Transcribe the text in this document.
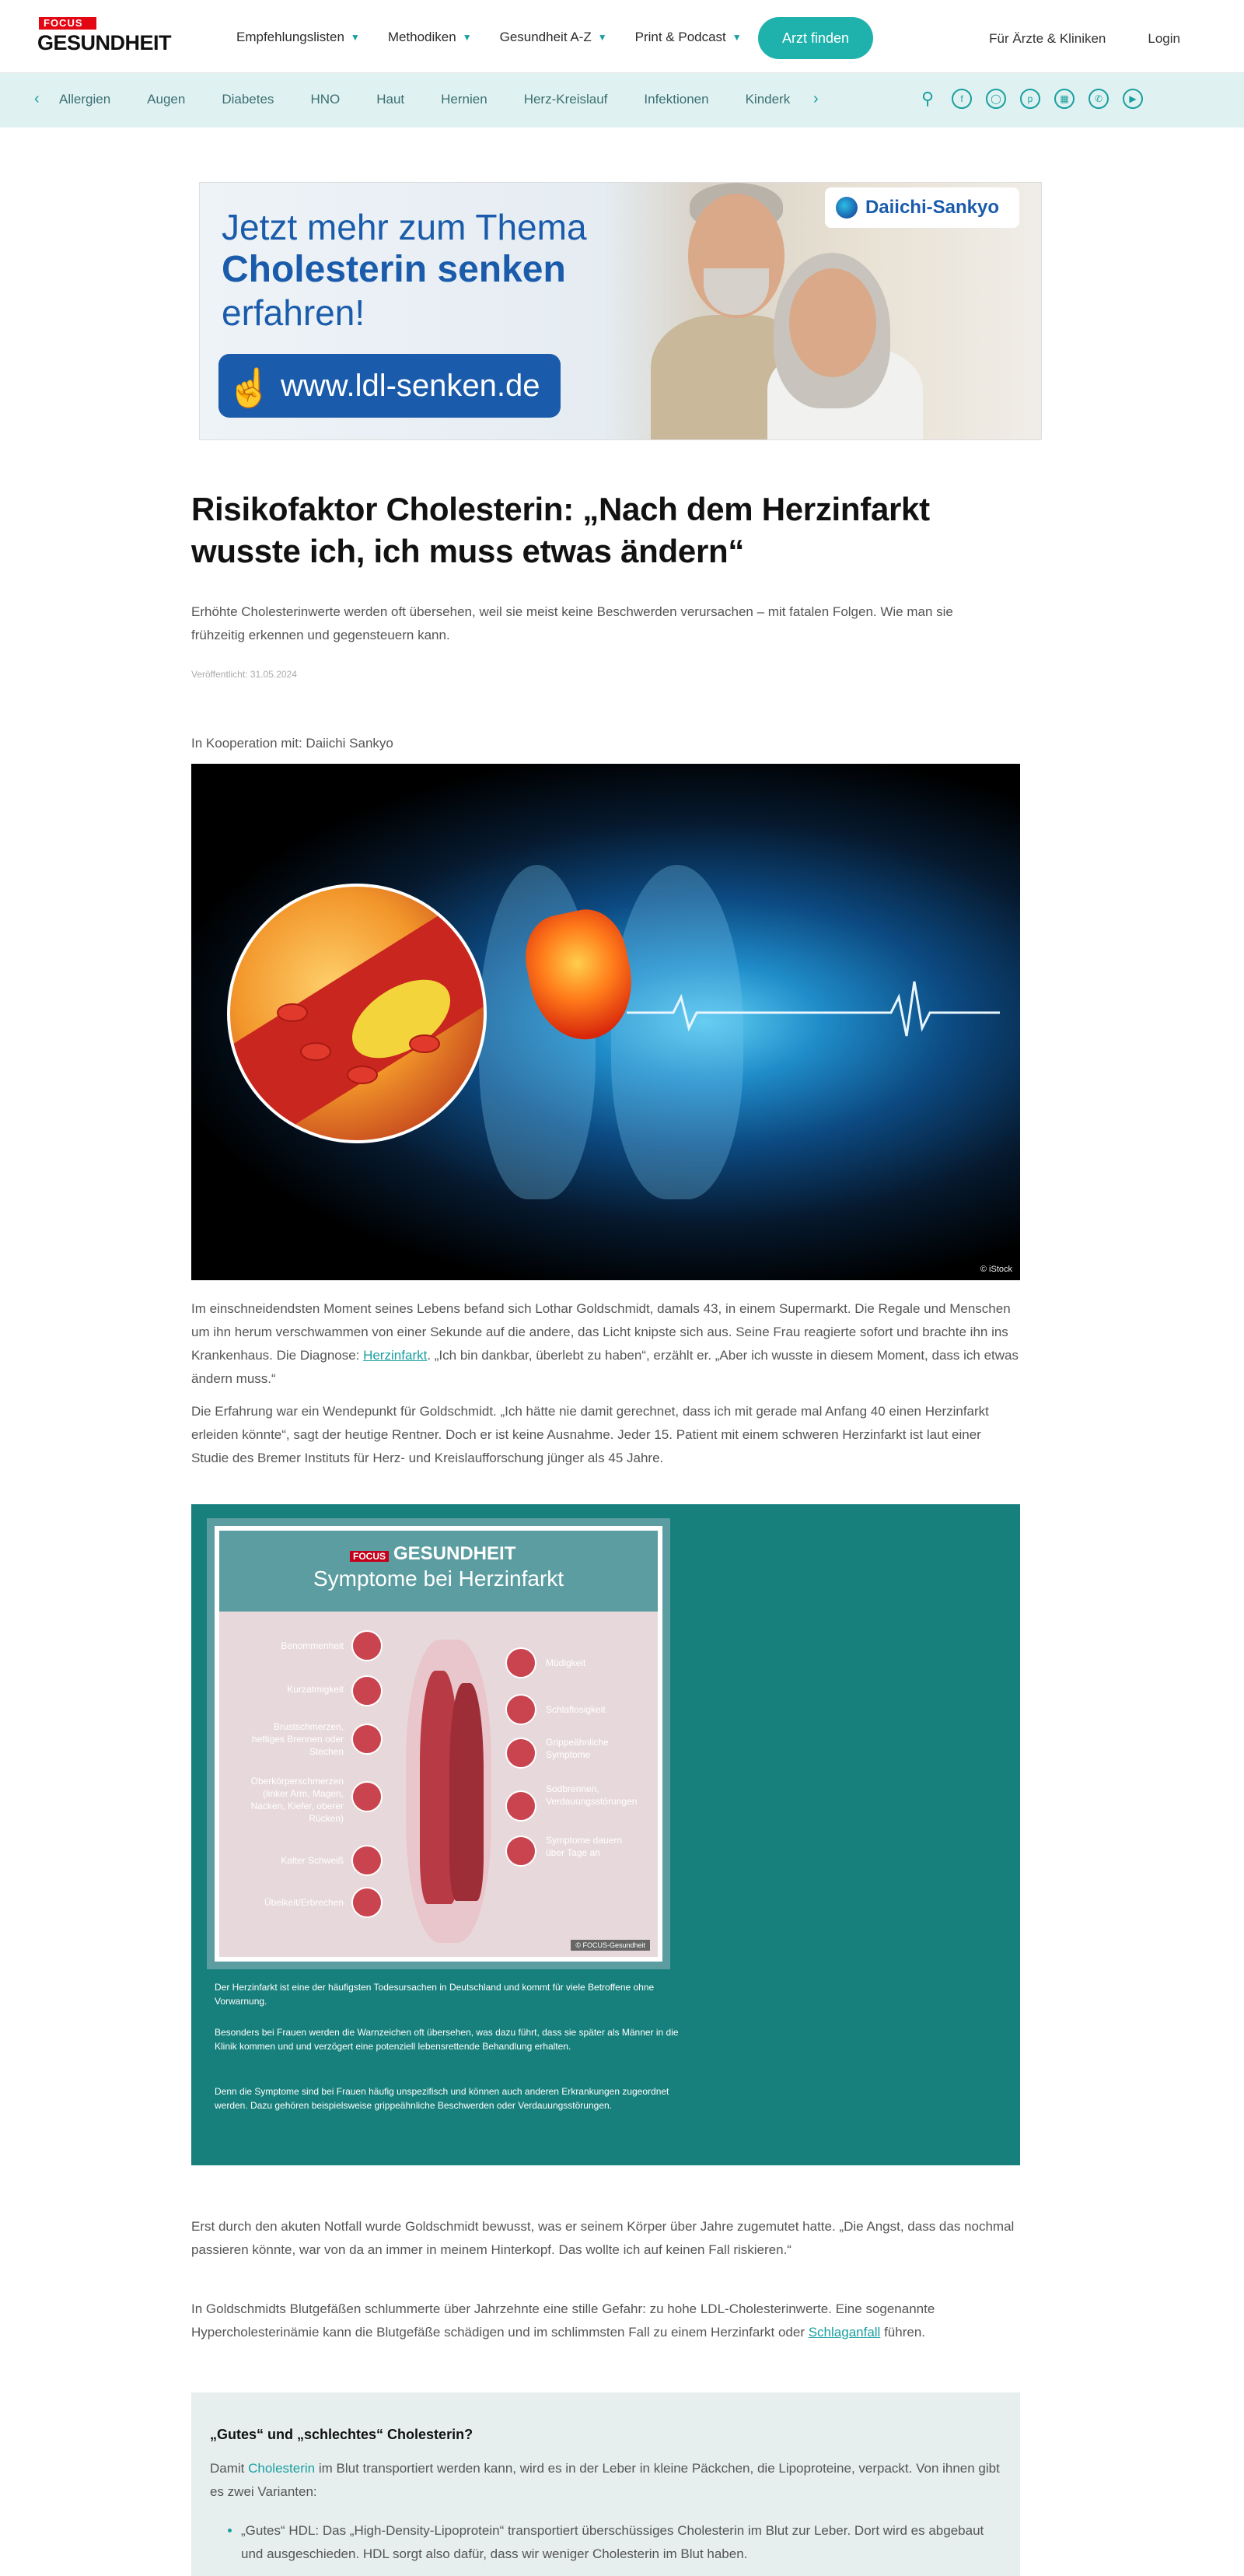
FOCUS
GESUNDHEIT	Empfehlungslisten ▼ Methodiken ▼ Gesundheit A-Z ▼ Print & Podcast ▼	Arzt finden	Für Ärzte & Kliniken	Login
‹ Allergien	Augen	Diabetes	HNO	Haut	Hernien	Herz-Kreislauf	Infektionen	Kinderk ›	⚲	f	◯	p	▦	✆	▶
Jetzt mehr zum Thema
Cholesterin senken
erfahren!
www.ldl-senken.de
☝
Daiichi-Sankyo
Risikofaktor Cholesterin: „Nach dem Herzinfarkt wusste ich, ich muss etwas ändern“
Erhöhte Cholesterinwerte werden oft übersehen, weil sie meist keine Beschwerden verursachen – mit fatalen Folgen. Wie man sie frühzeitig erkennen und gegensteuern kann.
Veröffentlicht: 31.05.2024
In Kooperation mit: Daiichi Sankyo
© iStock

Im einschneidendsten Moment seines Lebens befand sich Lothar Goldschmidt, damals 43, in einem Supermarkt. Die Regale und Menschen um ihn herum verschwammen von einer Sekunde auf die andere, das Licht knipste sich aus. Seine Frau reagierte sofort und brachte ihn ins Krankenhaus. Die Diagnose: Herzinfarkt. „Ich bin dankbar, überlebt zu haben“, erzählt er. „Aber ich wusste in diesem Moment, dass ich etwas ändern muss.“

Die Erfahrung war ein Wendepunkt für Goldschmidt. „Ich hätte nie damit gerechnet, dass ich mit gerade mal Anfang 40 einen Herzinfarkt erleiden könnte“, sagt der heutige Rentner. Doch er ist keine Ausnahme. Jeder 15. Patient mit einem schweren Herzinfarkt ist laut einer Studie des Bremer Instituts für Herz- und Kreislaufforschung jünger als 45 Jahre.

FOCUS GESUNDHEIT
Symptome bei Herzinfarkt
Benommenheit
Kurzatmigkeit
Brustschmerzen, heftiges Brennen oder Stechen
Oberkörperschmerzen (linker Arm, Magen, Nacken, Kiefer, oberer Rücken)
Kalter Schweiß
Übelkeit/Erbrechen
Müdigkeit
Schlaflosigkeit
Grippeähnliche Symptome
Sodbrennen, Verdauungsstörungen
Symptome dauern über Tage an
© FOCUS-Gesundheit
Der Herzinfarkt ist eine der häufigsten Todesursachen in Deutschland und kommt für viele Betroffene ohne Vorwarnung.
Besonders bei Frauen werden die Warnzeichen oft übersehen, was dazu führt, dass sie später als Männer in die Klinik kommen und und verzögert eine potenziell lebensrettende Behandlung erhalten.
Denn die Symptome sind bei Frauen häufig unspezifisch und können auch anderen Erkrankungen zugeordnet werden. Dazu gehören beispielsweise grippeähnliche Beschwerden oder Verdauungsstörungen.

Erst durch den akuten Notfall wurde Goldschmidt bewusst, was er seinem Körper über Jahre zugemutet hatte. „Die Angst, dass das nochmal passieren könnte, war von da an immer in meinem Hinterkopf. Das wollte ich auf keinen Fall riskieren.“

In Goldschmidts Blutgefäßen schlummerte über Jahrzehnte eine stille Gefahr: zu hohe LDL-Cholesterinwerte. Eine sogenannte Hypercholesterinämie kann die Blutgefäße schädigen und im schlimmsten Fall zu einem Herzinfarkt oder Schlaganfall führen.

„Gutes“ und „schlechtes“ Cholesterin?
Damit Cholesterin im Blut transportiert werden kann, wird es in der Leber in kleine Päckchen, die Lipoproteine, verpackt. Von ihnen gibt es zwei Varianten:
• „Gutes“ HDL: Das „High-Density-Lipoprotein“ transportiert überschüssiges Cholesterin im Blut zur Leber. Dort wird es abgebaut und ausgeschieden. HDL sorgt also dafür, dass wir weniger Cholesterin im Blut haben.
